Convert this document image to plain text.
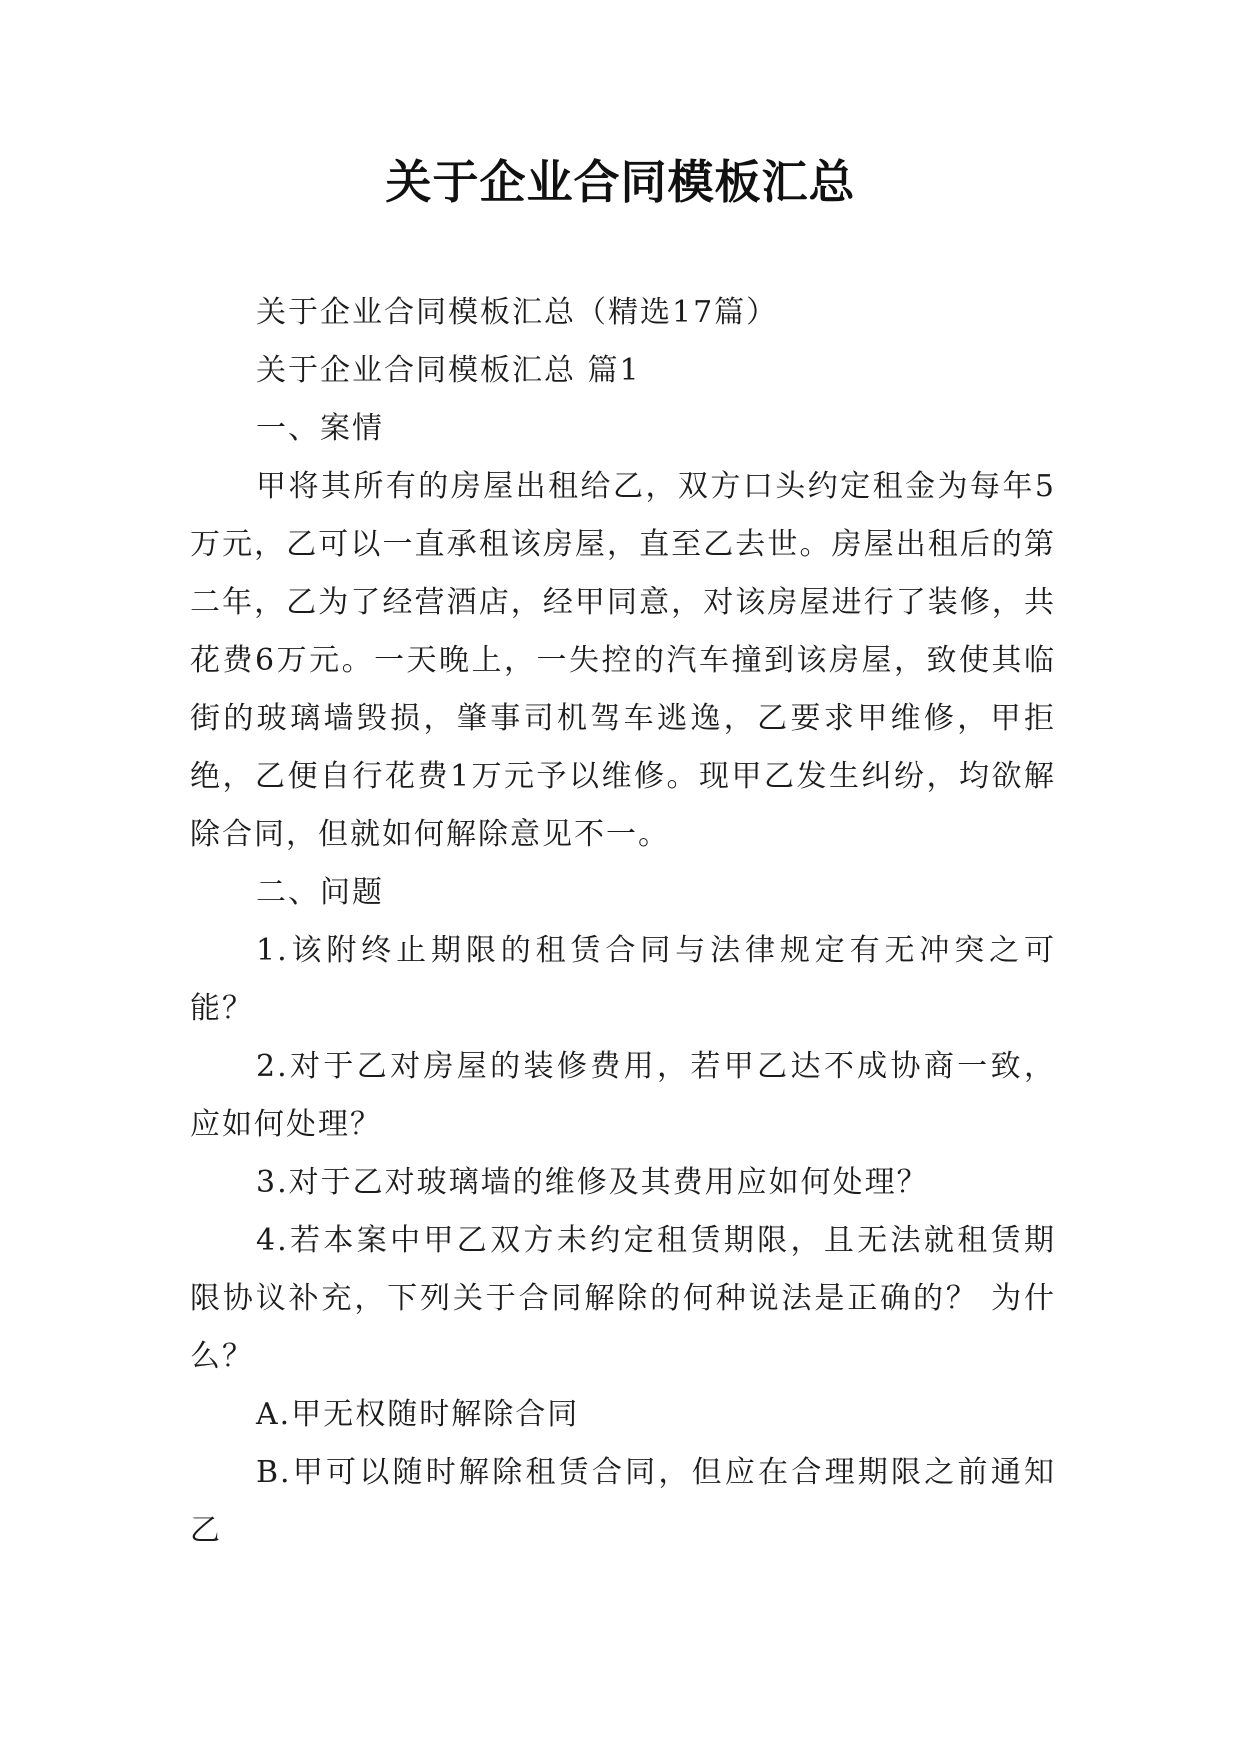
关于企业合同模板汇总

关于企业合同模板汇总（精选17篇）

关于企业合同模板汇总 篇1

一、案情

甲将其所有的房屋出租给乙，双方口头约定租金为每年5万元，乙可以一直承租该房屋，直至乙去世。房屋出租后的第二年，乙为了经营酒店，经甲同意，对该房屋进行了装修，共花费6万元。一天晚上，一失控的汽车撞到该房屋，致使其临街的玻璃墙毁损，肇事司机驾车逃逸，乙要求甲维修，甲拒绝，乙便自行花费1万元予以维修。现甲乙发生纠纷，均欲解除合同，但就如何解除意见不一。

二、问题

1.该附终止期限的租赁合同与法律规定有无冲突之可能？

2.对于乙对房屋的装修费用，若甲乙达不成协商一致，应如何处理？

3.对于乙对玻璃墙的维修及其费用应如何处理？

4.若本案中甲乙双方未约定租赁期限，且无法就租赁期限协议补充，下列关于合同解除的何种说法是正确的？ 为什么？

A.甲无权随时解除合同

B.甲可以随时解除租赁合同，但应在合理期限之前通知乙
